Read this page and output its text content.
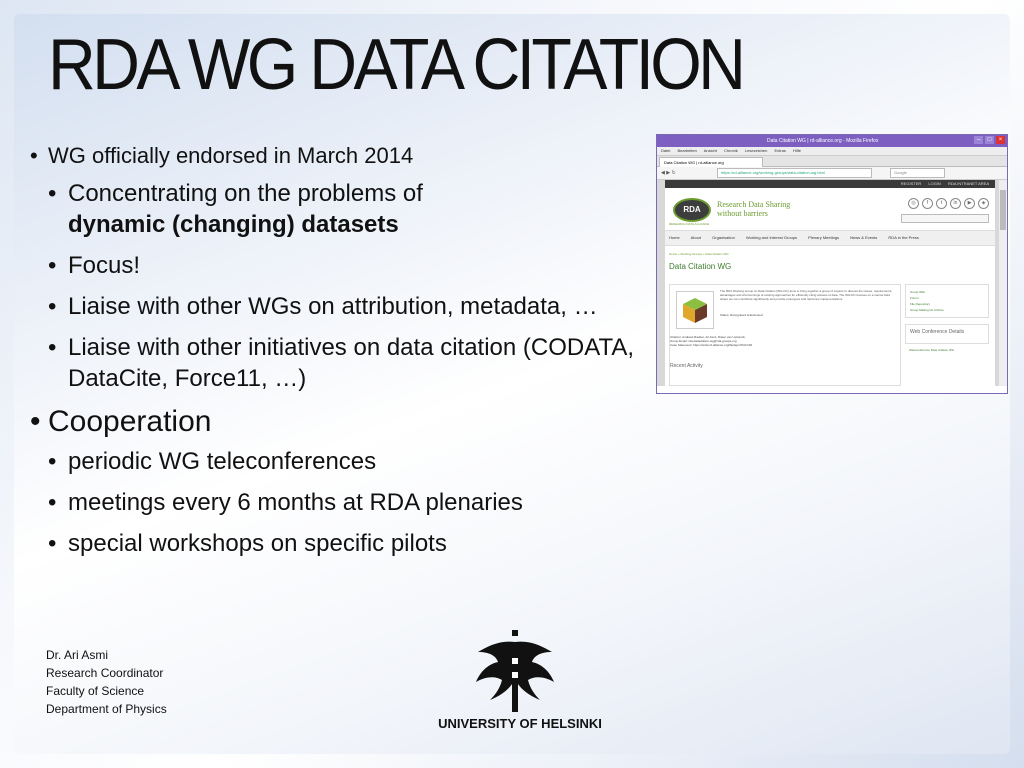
RDA WG DATA CITATION
• WG officially endorsed in March 2014
• Concentrating on the problems of
dynamic (changing) datasets
• Focus!
• Liaise with other WGs on attribution, metadata, …
• Liaise with other initiatives on data citation (CODATA, DataCite, Force11, …)
• Cooperation
• periodic WG teleconferences
• meetings every 6 months at RDA plenaries
• special workshops on specific pilots
Dr. Ari Asmi
Research Coordinator
Faculty of Science
Department of Physics
Data Citation WG | rd-alliance.org - Mozilla Firefox	–	□	×
Datei Bearbeiten Ansicht Chronik Lesezeichen Extras Hilfe
Data Citation WG | rd-alliance.org
◀ ▶ ↻	https://rd-alliance.org/working-groups/data-citation-wg.html	Google
REGISTER LOGIN RDA INTRANET AREA
RDA
RESEARCH DATA ALLIANCE
Research Data Sharing
without barriers
◎	f	t	in	▶	◈
Home	About	Organisation	Working and Interest Groups	Plenary Meetings	News & Events	RDA in the Press
Home » Working Groups » Data Citation WG
Data Citation WG
The RDA Working Group on Data Citation (WG-DC) aims to bring together a group of experts to discuss the issues, requirements, advantages and shortcomings of existing approaches for efficiently citing subsets of data. The WG-DC focuses on a narrow field where we can contribute significantly and provide prototypes and reference implementations.
Status: Recognised & Endorsed
Chair(s): Andreas Rauber, Ari Asmi, Dieter van Uytvanck
Group Email: rda-datacitation-wg@rda-groups.org
Case Statement: https://www.rd-alliance.org/filedepot?fid=192
Recent Activity
Group Wiki
Forum
File Repository
Group Mailing list Archive
Web Conference Details
Webconference Data Citation WG
UNIVERSITY OF HELSINKI
